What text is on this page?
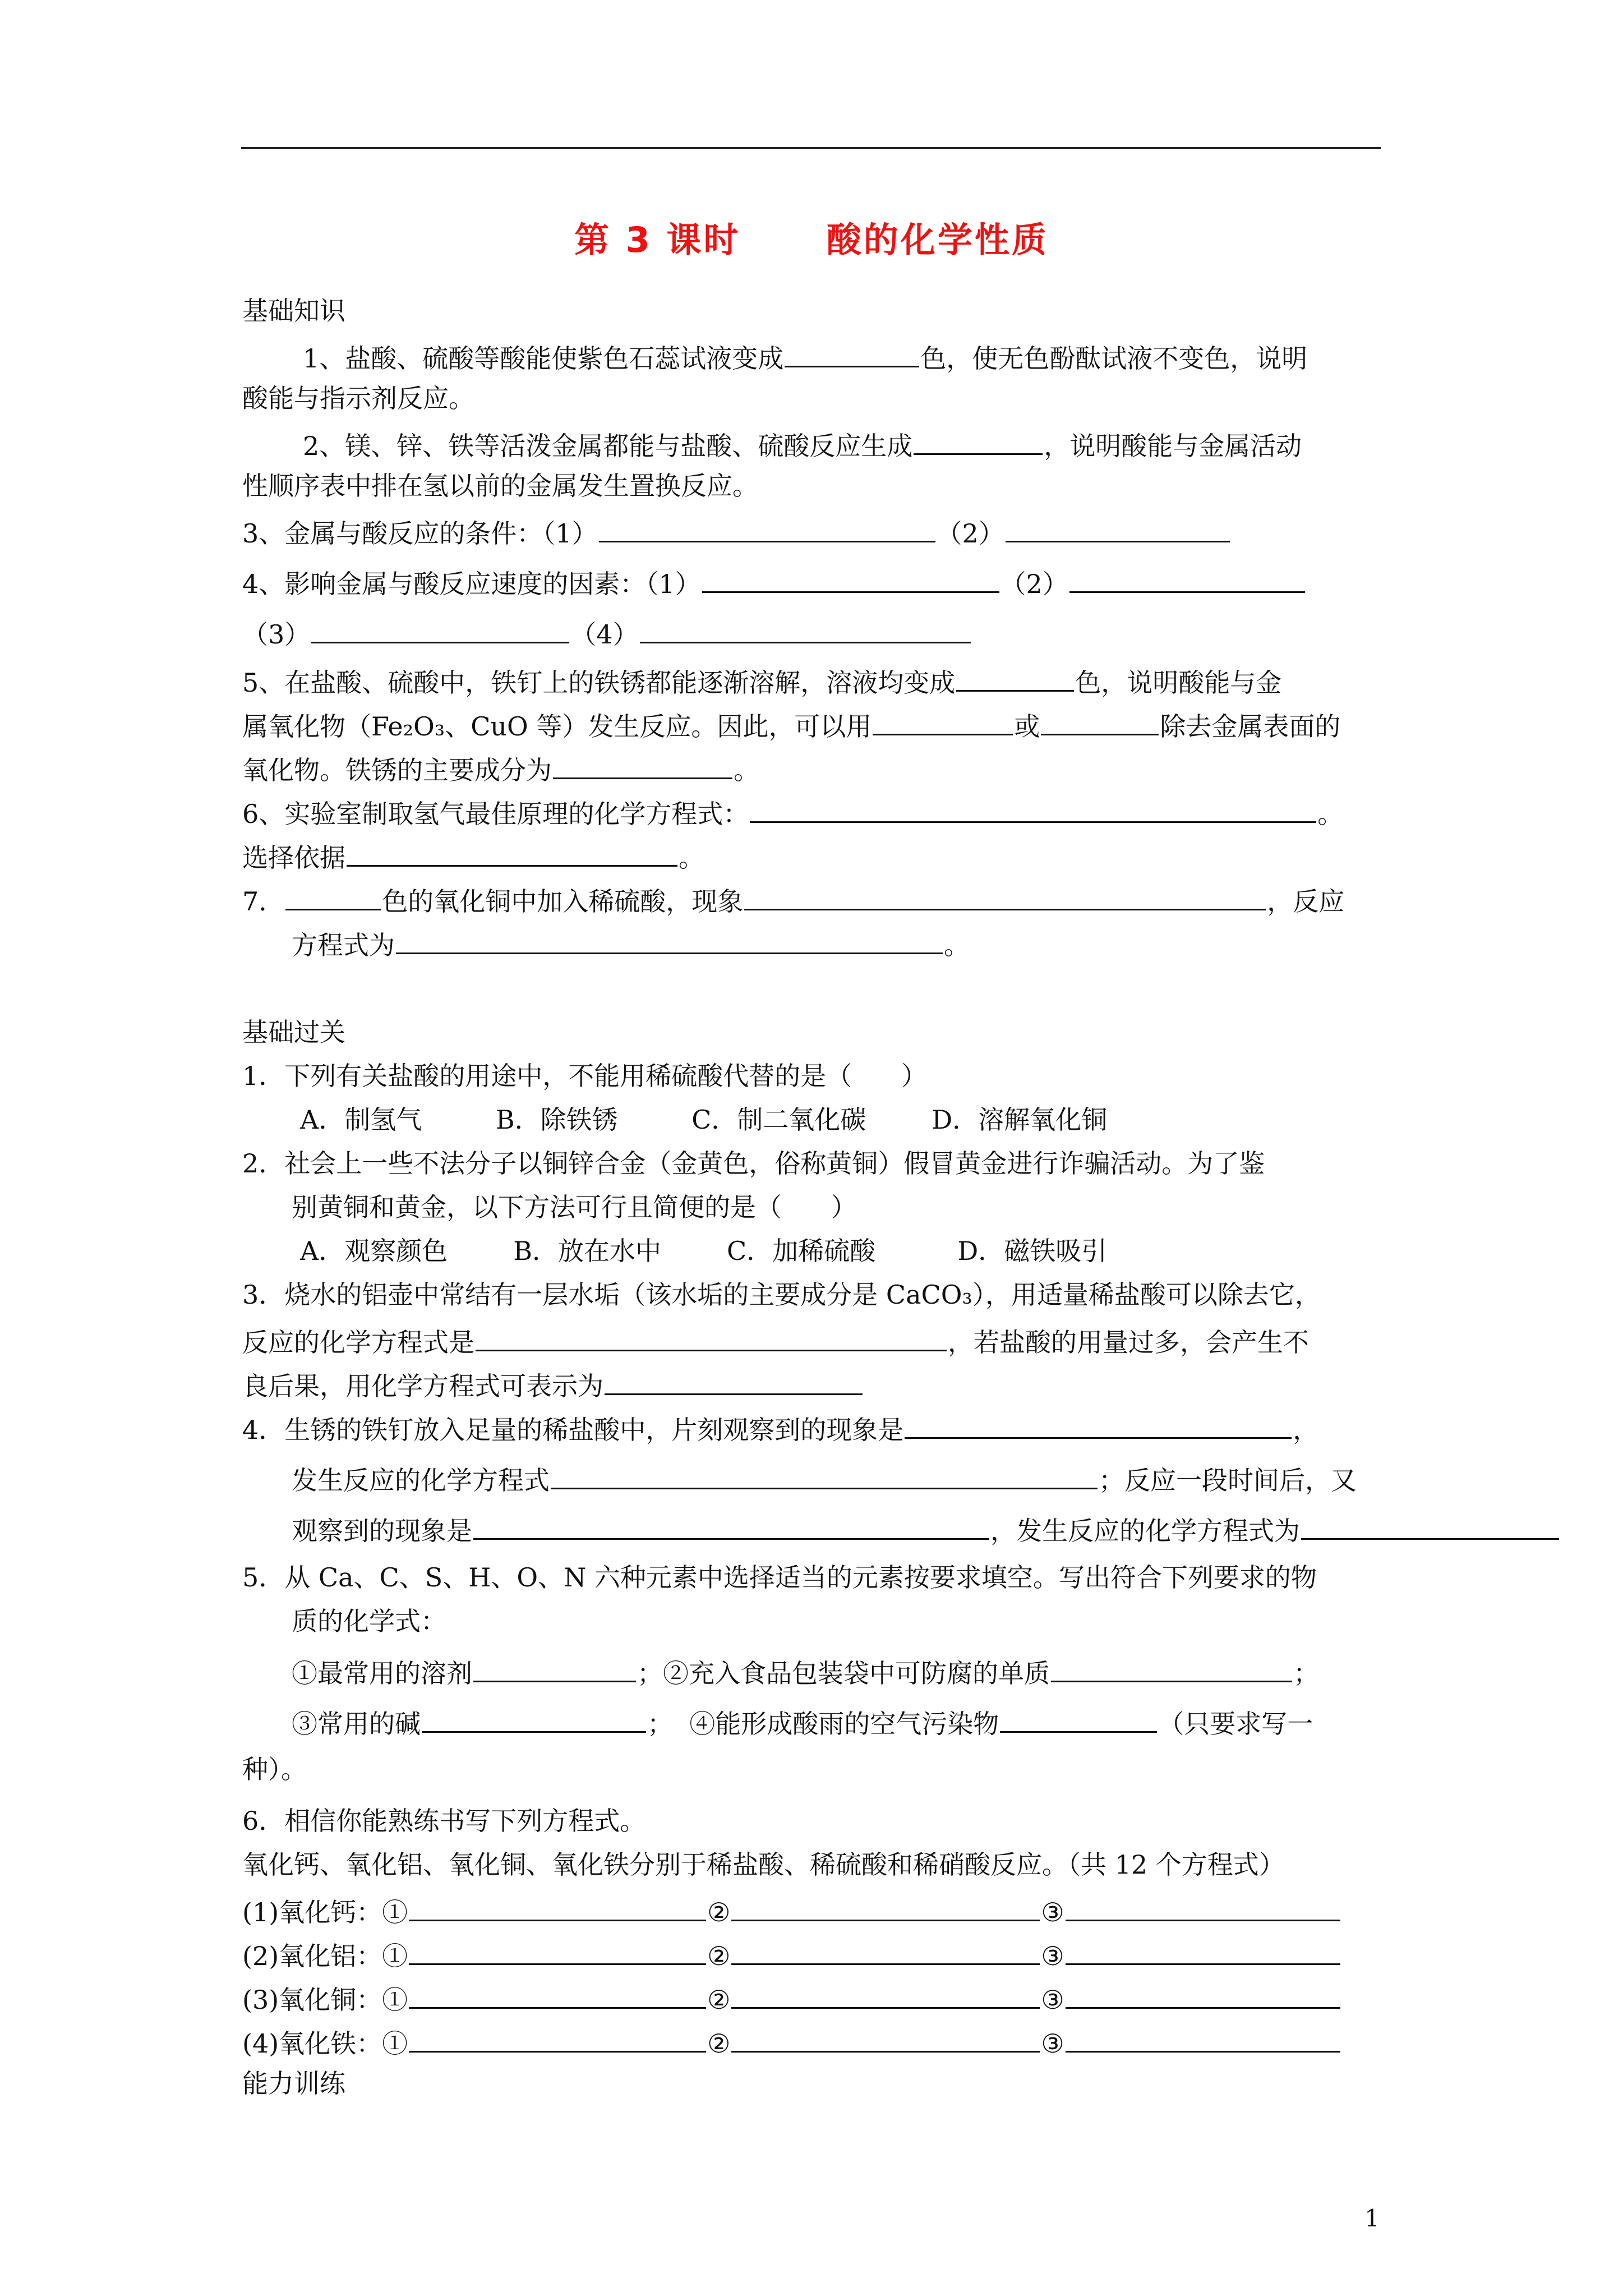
第 3 课时      酸的化学性质
基础知识
1、盐酸、硫酸等酸能使紫色石蕊试液变成	色，使无色酚酞试液不变色，说明
酸能与指示剂反应。
2、镁、锌、铁等活泼金属都能与盐酸、硫酸反应生成	，说明酸能与金属活动
性顺序表中排在氢以前的金属发生置换反应。
3、金属与酸反应的条件：（1）	（2）
4、影响金属与酸反应速度的因素：（1）	（2）
（3）	（4）
5、在盐酸、硫酸中，铁钉上的铁锈都能逐渐溶解，溶液均变成	色，说明酸能与金
属氧化物（Fe₂O₃、CuO 等）发生反应。因此，可以用	或	除去金属表面的
氧化物。铁锈的主要成分为	。
6、实验室制取氢气最佳原理的化学方程式：	。
选择依据	。
7．	色的氧化铜中加入稀硫酸，现象	，反应
方程式为	。
基础过关
1．下列有关盐酸的用途中，不能用稀硫酸代替的是（      ）
A．制氢气         B．除铁锈         C．制二氧化碳        D．溶解氧化铜
2．社会上一些不法分子以铜锌合金（金黄色，俗称黄铜）假冒黄金进行诈骗活动。为了鉴
别黄铜和黄金，以下方法可行且简便的是（      ）
A．观察颜色        B．放在水中        C．加稀硫酸          D．磁铁吸引
3．烧水的铝壶中常结有一层水垢（该水垢的主要成分是 CaCO₃），用适量稀盐酸可以除去它，
反应的化学方程式是	，若盐酸的用量过多，会产生不
良后果，用化学方程式可表示为
4．生锈的铁钉放入足量的稀盐酸中，片刻观察到的现象是	，
发生反应的化学方程式	；反应一段时间后，又
观察到的现象是	，发生反应的化学方程式为
5．从 Ca、C、S、H、O、N 六种元素中选择适当的元素按要求填空。写出符合下列要求的物
质的化学式：
①最常用的溶剂	；②充入食品包装袋中可防腐的单质	；
③常用的碱	；  ④能形成酸雨的空气污染物	（只要求写一
种）。
6．相信你能熟练书写下列方程式。
氧化钙、氧化铝、氧化铜、氧化铁分别于稀盐酸、稀硫酸和稀硝酸反应。（共 12 个方程式）
(1)氧化钙：①	②	③
(2)氧化铝：①	②	③
(3)氧化铜：①	②	③
(4)氧化铁：①	②	③
能力训练
1
